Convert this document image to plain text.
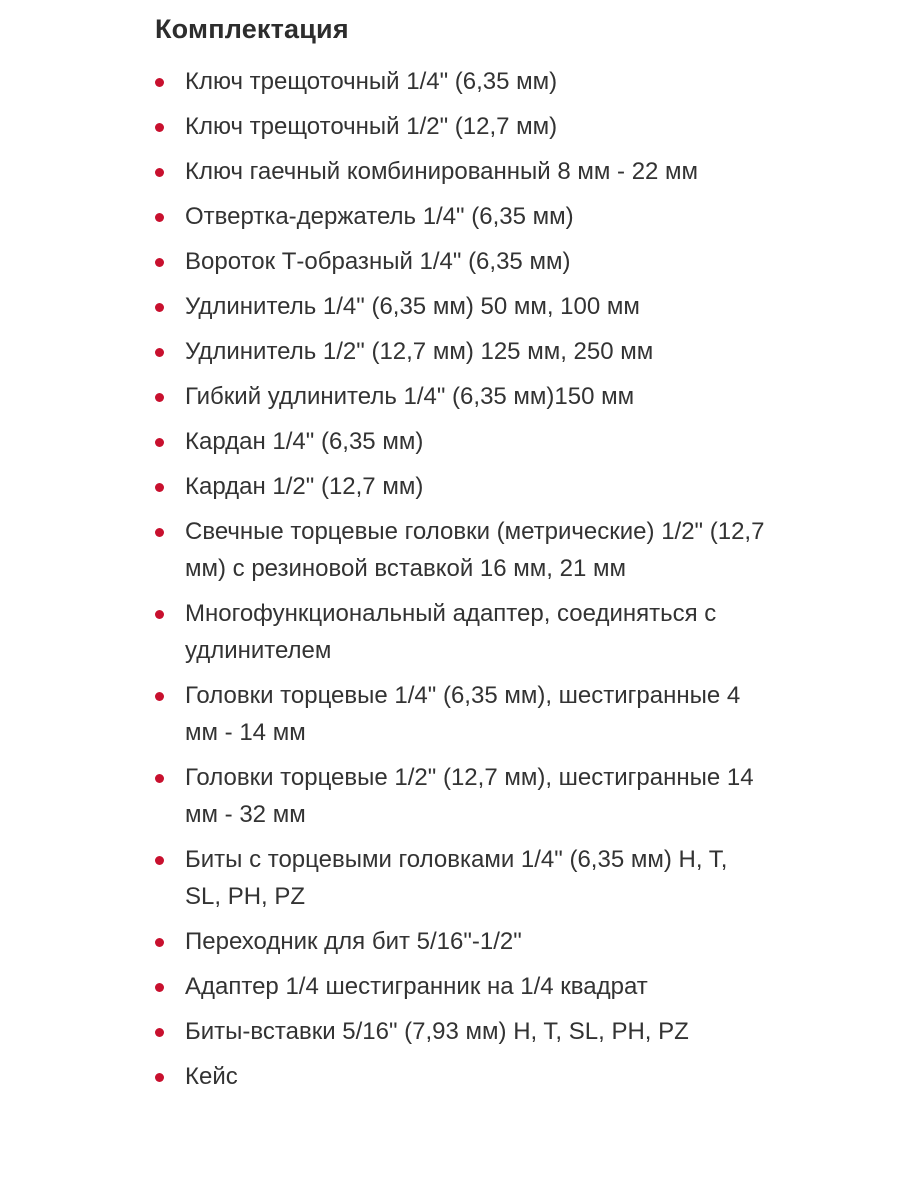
Комплектация
Ключ трещоточный 1/4" (6,35 мм)
Ключ трещоточный 1/2" (12,7 мм)
Ключ гаечный комбинированный 8 мм - 22 мм
Отвертка-держатель 1/4" (6,35 мм)
Вороток Т-образный 1/4" (6,35 мм)
Удлинитель 1/4" (6,35 мм) 50 мм, 100 мм
Удлинитель 1/2" (12,7 мм) 125 мм, 250 мм
Гибкий удлинитель 1/4" (6,35 мм)150 мм
Кардан 1/4" (6,35 мм)
Кардан 1/2" (12,7 мм)
Свечные торцевые головки (метрические) 1/2" (12,7 мм) с резиновой вставкой 16 мм, 21 мм
Многофункциональный адаптер, соединяться с удлинителем
Головки торцевые 1/4" (6,35 мм), шестигранные 4 мм - 14 мм
Головки торцевые 1/2" (12,7 мм), шестигранные 14 мм - 32 мм
Биты с торцевыми головками 1/4" (6,35 мм) H, T, SL, PH, PZ
Переходник для бит 5/16"-1/2"
Адаптер 1/4 шестигранник на 1/4 квадрат
Биты-вставки 5/16" (7,93 мм) H, T, SL, PH, PZ
Кейс
